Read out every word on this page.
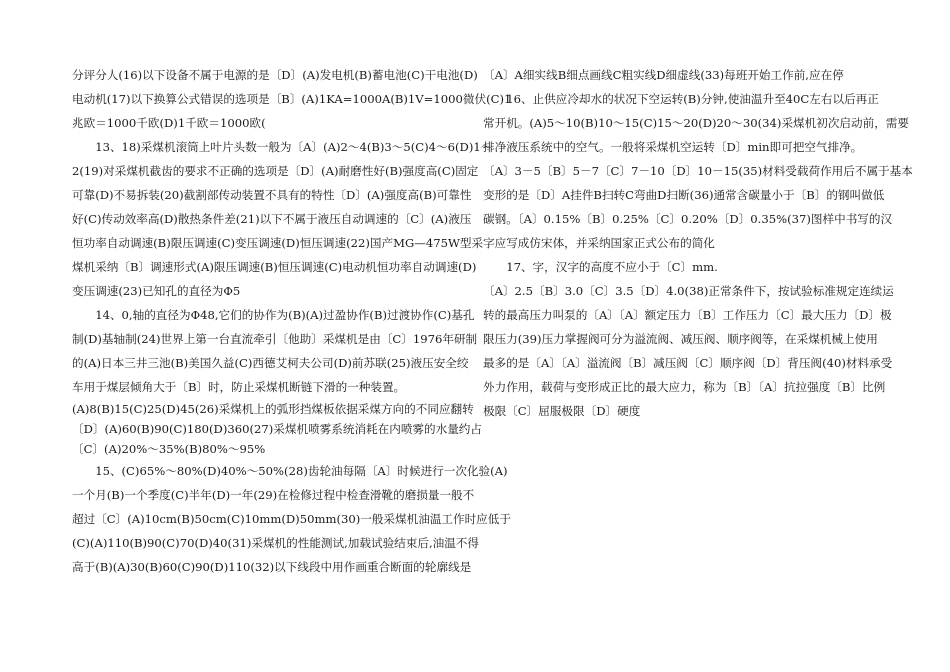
分评分人(16)以下设备不属于电源的是〔D〕(A)发电机(B)蓄电池(C)干电池(D)
电动机(17)以下换算公式错误的选项是〔B〕(A)1KA=1000A(B)1V=1000微伏(C)1
兆欧＝1000千欧(D)1千欧＝1000欧(
　　13、18)采煤机滚筒上叶片头数一般为〔A〕(A)2～4(B)3～5(C)4～6(D)1～
2(19)对采煤机截齿的要求不正确的选项是〔D〕(A)耐磨性好(B)强度高(C)固定
可靠(D)不易拆装(20)截割部传动装置不具有的特性〔D〕(A)强度高(B)可靠性
好(C)传动效率高(D)散热条件差(21)以下不属于液压自动调速的〔C〕(A)液压
恒功率自动调速(B)限压调速(C)变压调速(D)恒压调速(22)国产MG—475W型采
煤机采纳〔B〕调速形式(A)限压调速(B)恒压调速(C)电动机恒功率自动调速(D)
变压调速(23)已知孔的直径为Φ5
　　14、0,轴的直径为Φ48,它们的协作为(B)(A)过盈协作(B)过渡协作(C)基孔
制(D)基轴制(24)世界上第一台直流牵引〔他助〕采煤机是由〔C〕1976年研制
的(A)日本三井三池(B)美国久益(C)西德艾柯夫公司(D)前苏联(25)液压安全绞
车用于煤层倾角大于〔B〕时，防止采煤机断链下滑的一种装置。
(A)8(B)15(C)25(D)45(26)采煤机上的弧形挡煤板依据采煤方向的不同应翻转
〔D〕(A)60(B)90(C)180(D)360(27)采煤机喷雾系统消耗在内喷雾的水量约占
〔C〕(A)20%～35%(B)80%～95%
　　15、(C)65%～80%(D)40%～50%(28)齿轮油每隔〔A〕时候进行一次化验(A)
一个月(B)一个季度(C)半年(D)一年(29)在检修过程中检查滑靴的磨损量一般不
超过〔C〕(A)10cm(B)50cm(C)10mm(D)50mm(30)一般采煤机油温工作时应低于
(C)(A)110(B)90(C)70(D)40(31)采煤机的性能测试,加载试验结束后,油温不得
高于(B)(A)30(B)60(C)90(D)110(32)以下线段中用作画重合断面的轮廓线是
〔A〕A细实线B细点画线C粗实线D细虚线(33)每班开始工作前,应在停
　　16、止供应冷却水的状况下空运转(B)分钟,使油温升至40C左右以后再正
常开机。(A)5～10(B)10～15(C)15～20(D)20～30(34)采煤机初次启动前，需要
排净液压系统中的空气。一般将采煤机空运转〔D〕min即可把空气排净。
〔A〕3－5〔B〕5－7〔C〕7－10〔D〕10－15(35)材料受载荷作用后不属于基本
变形的是〔D〕A挂件B扫转C弯曲D扫断(36)通常含碳量小于〔B〕的钢叫做低
碳钢。〔A〕0.15%〔B〕0.25%〔C〕0.20%〔D〕0.35%(37)图样中书写的汉
字应写成仿宋体，并采纳国家正式公布的简化
　　17、字，汉字的高度不应小于〔C〕mm.
〔A〕2.5〔B〕3.0〔C〕3.5〔D〕4.0(38)正常条件下，按试验标准规定连续运
转的最高压力叫泵的〔A〕〔A〕额定压力〔B〕工作压力〔C〕最大压力〔D〕极
限压力(39)压力掌握阀可分为溢流阀、减压阀、顺序阀等，在采煤机械上使用
最多的是〔A〕〔A〕溢流阀〔B〕减压阀〔C〕顺序阀〔D〕背压阀(40)材料承受
外力作用，载荷与变形成正比的最大应力，称为〔B〕〔A〕抗拉强度〔B〕比例
极限〔C〕屈服极限〔D〕硬度
